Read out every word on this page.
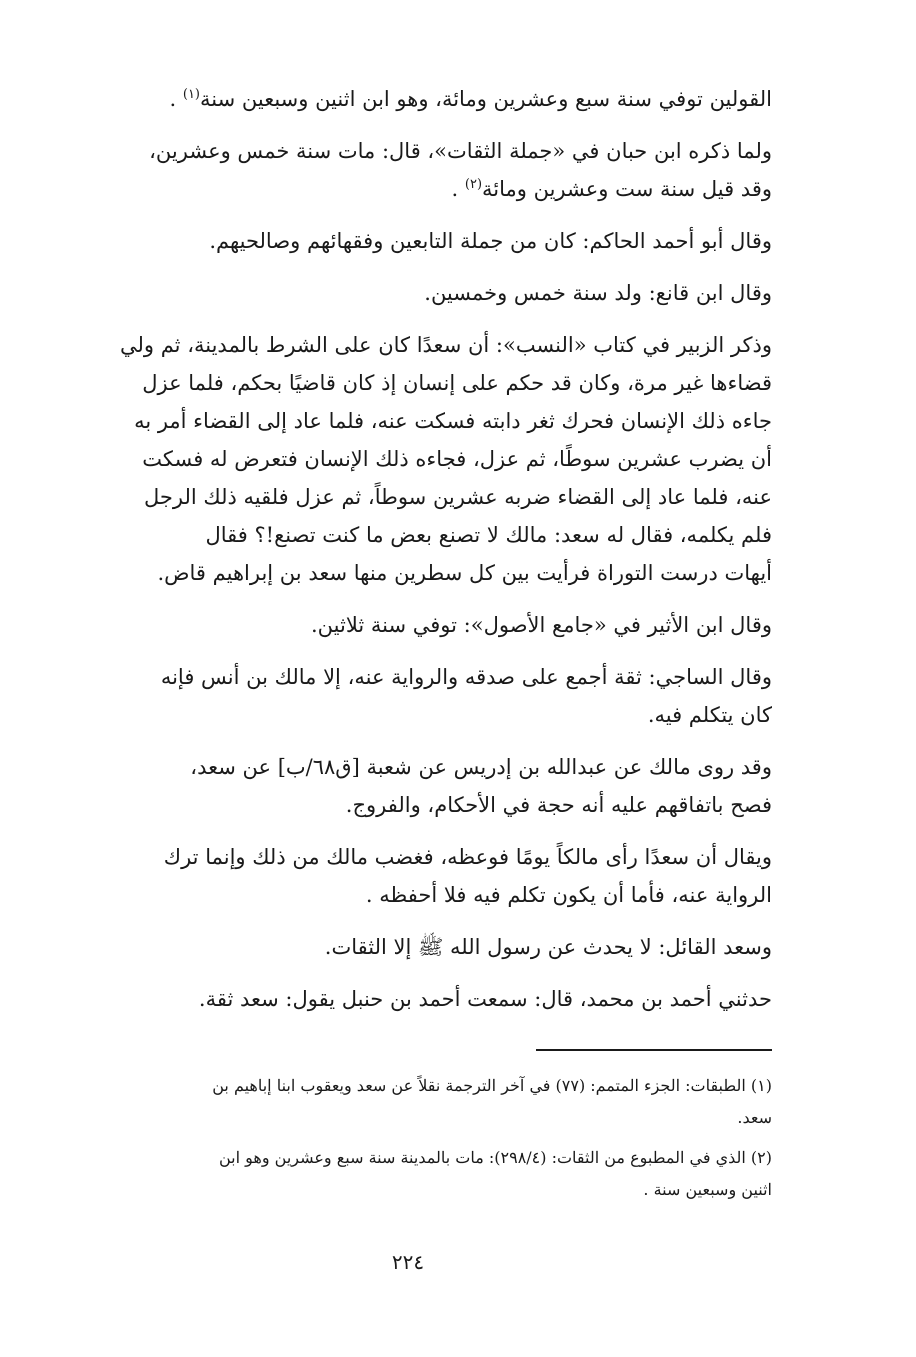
القولين توفي سنة سبع وعشرين ومائة، وهو ابن اثنين وسبعين سنة$^{(١)}$ .

ولما ذكره ابن حبان في «جملة الثقات»، قال: مات سنة خمس وعشرين،
وقد قيل سنة ست وعشرين ومائة$^{(٢)}$ .

وقال أبو أحمد الحاكم: كان من جملة التابعين وفقهائهم وصالحيهم.

وقال ابن قانع: ولد سنة خمس وخمسين.

وذكر الزبير في كتاب «النسب»: أن سعدًا كان على الشرط بالمدينة، ثم ولي
قضاءها غير مرة، وكان قد حكم على إنسان إذ كان قاضيًا بحكم، فلما عزل
جاءه ذلك الإنسان فحرك ثغر دابته فسكت عنه، فلما عاد إلى القضاء أمر به
أن يضرب عشرين سوطًا، ثم عزل، فجاءه ذلك الإنسان فتعرض له فسكت
عنه، فلما عاد إلى القضاء ضربه عشرين سوطاً، ثم عزل فلقيه ذلك الرجل
فلم يكلمه، فقال له سعد: مالك لا تصنع بعض ما كنت تصنع!؟ فقال
أيهات درست التوراة فرأيت بين كل سطرين منها سعد بن إبراهيم قاض.

وقال ابن الأثير في «جامع الأصول»: توفي سنة ثلاثين.

وقال الساجي: ثقة أجمع على صدقه والرواية عنه، إلا مالك بن أنس فإنه
كان يتكلم فيه.

وقد روى مالك عن عبدالله بن إدريس عن شعبة [ق٦٨/ب] عن سعد،
فصح باتفاقهم عليه أنه حجة في الأحكام، والفروج.

ويقال أن سعدًا رأى مالكاً يومًا فوعظه، فغضب مالك من ذلك وإنما ترك
الرواية عنه، فأما أن يكون تكلم فيه فلا أحفظه .

وسعد القائل: لا يحدث عن رسول الله ﷺ إلا الثقات.

حدثني أحمد بن محمد، قال: سمعت أحمد بن حنبل يقول: سعد ثقة.

(١) الطبقات: الجزء المتمم: (٧٧) في آخر الترجمة نقلاً عن سعد ويعقوب ابنا إباهيم بن
سعد.

(٢) الذي في المطبوع من الثقات: (٢٩٨/٤): مات بالمدينة سنة سبع وعشرين وهو ابن
اثنين وسبعين سنة .

٢٢٤
